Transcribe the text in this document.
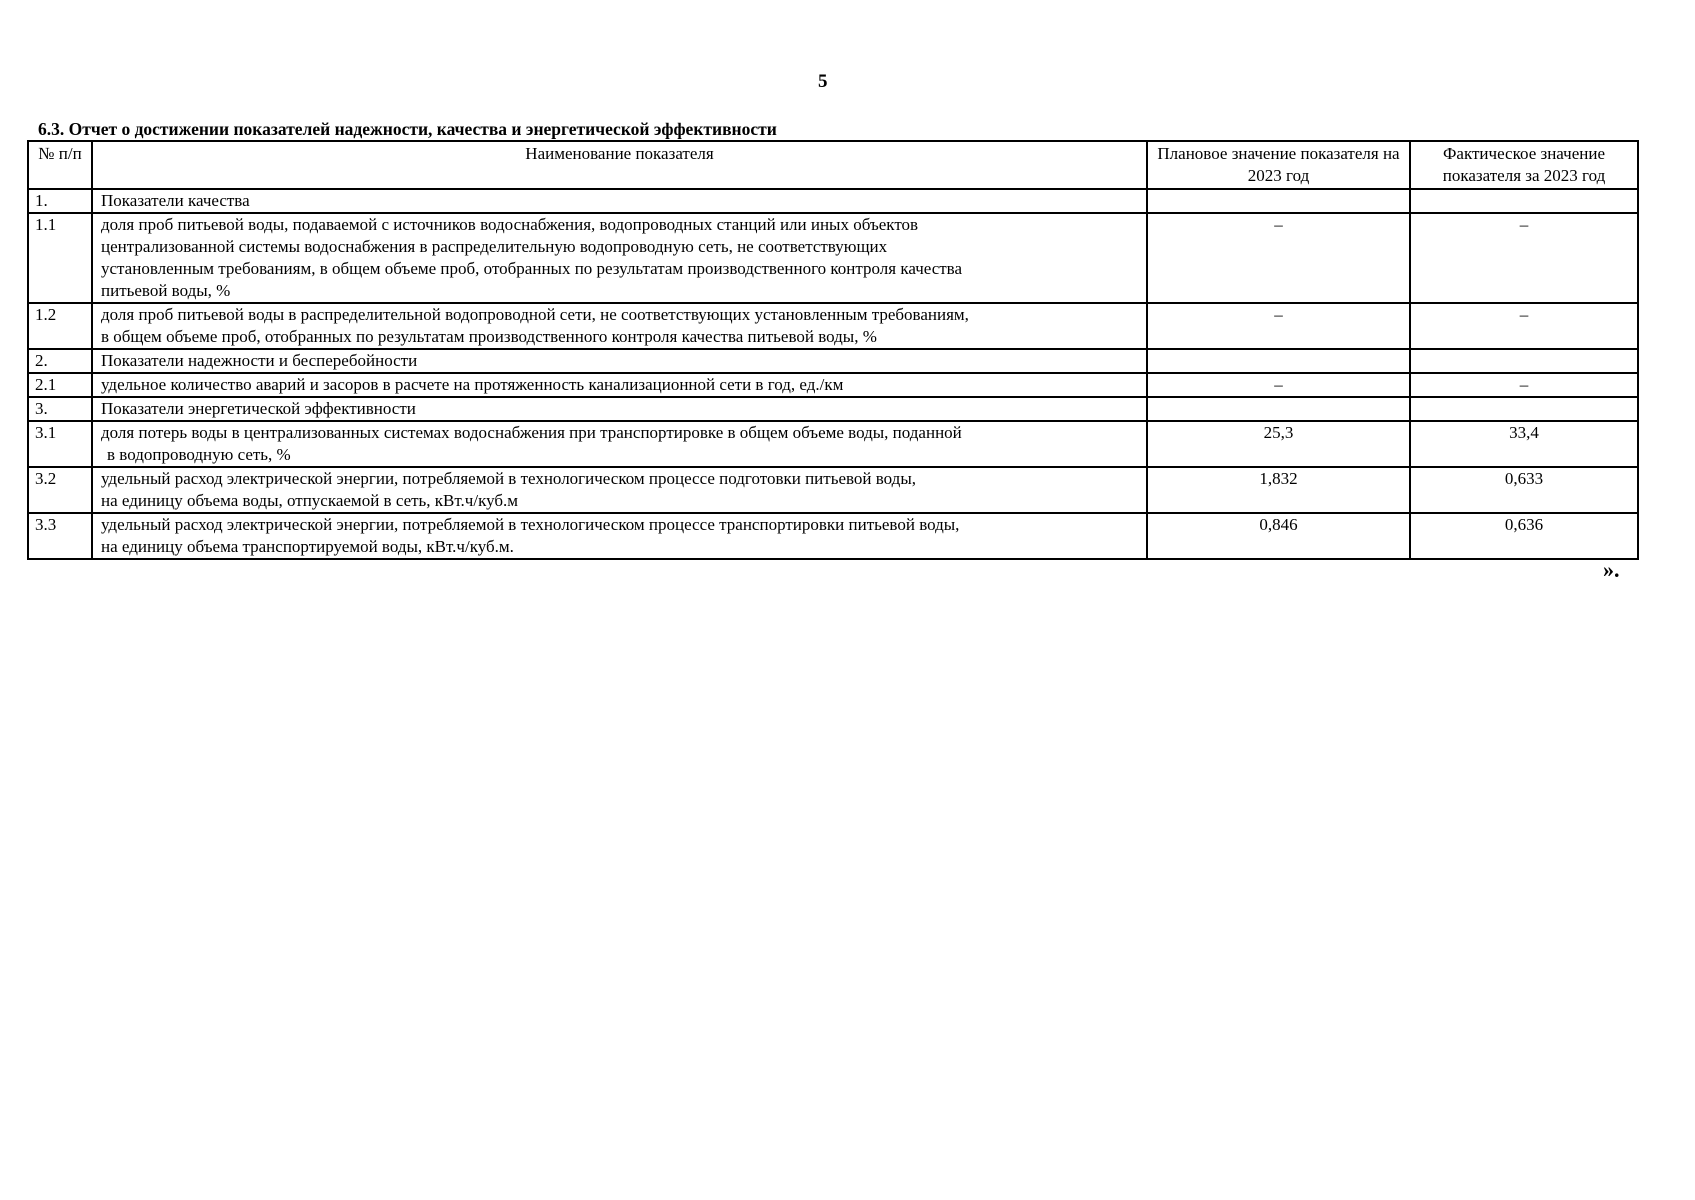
5
6.3. Отчет о достижении показателей надежности, качества и энергетической эффективности
№ п/п	Наименование показателя	Плановое значение показателя на 2023 год	Фактическое значение показателя за 2023 год
1.	Показатели качества		

1.1	доля проб питьевой воды, подаваемой с источников водоснабжения, водопроводных станций или иных объектов
централизованной системы водоснабжения в распределительную водопроводную сеть, не соответствующих
установленным требованиям, в общем объеме проб, отобранных по результатам производственного контроля качества
питьевой воды, %	–	–
1.2	доля проб питьевой воды в распределительной водопроводной сети, не соответствующих установленным требованиям,
в общем объеме проб, отобранных по результатам производственного контроля качества питьевой воды, %	–	–
2.	Показатели надежности и бесперебойности		

2.1	удельное количество аварий и засоров в расчете на протяженность канализационной сети в год, ед./км	–	–
3.	Показатели энергетической эффективности		

3.1	доля потерь воды в централизованных системах водоснабжения при транспортировке в общем объеме воды, поданной
в водопроводную сеть, %	25,3	33,4
3.2	удельный расход электрической энергии, потребляемой в технологическом процессе подготовки питьевой воды,
на единицу объема воды, отпускаемой в сеть, кВт.ч/куб.м	1,832	0,633
3.3	удельный расход электрической энергии, потребляемой в технологическом процессе транспортировки питьевой воды,
на единицу объема транспортируемой воды, кВт.ч/куб.м.	0,846	0,636
».
